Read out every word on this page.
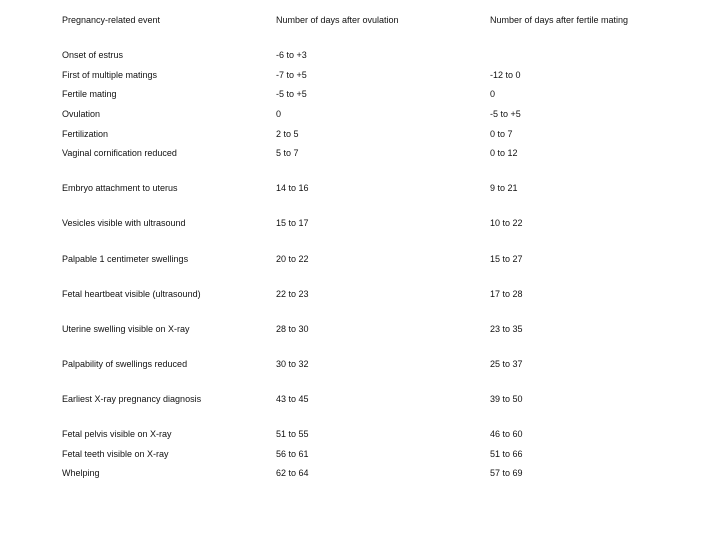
Pregnancy-related event	Number of days after ovulation	Number of days after fertile mating
Onset of estrus	-6 to +3
First of multiple matings	-7 to +5	-12 to 0
Fertile mating	-5 to +5	0
Ovulation	0	-5 to +5
Fertilization	2 to 5	0 to 7
Vaginal cornification reduced	5 to 7	0 to 12
Embryo attachment to uterus	14 to 16	9 to 21
Vesicles visible with ultrasound	15 to 17	10 to 22
Palpable 1 centimeter swellings	20 to 22	15 to 27
Fetal heartbeat visible (ultrasound)	22 to 23	17 to 28
Uterine swelling visible on X-ray	28 to 30	23 to 35
Palpability of swellings reduced	30 to 32	25 to 37
Earliest X-ray pregnancy diagnosis	43 to 45	39 to 50
Fetal pelvis visible on X-ray	51 to 55	46 to 60
Fetal teeth visible on X-ray	56 to 61	51 to 66
Whelping	62 to 64	57 to 69
